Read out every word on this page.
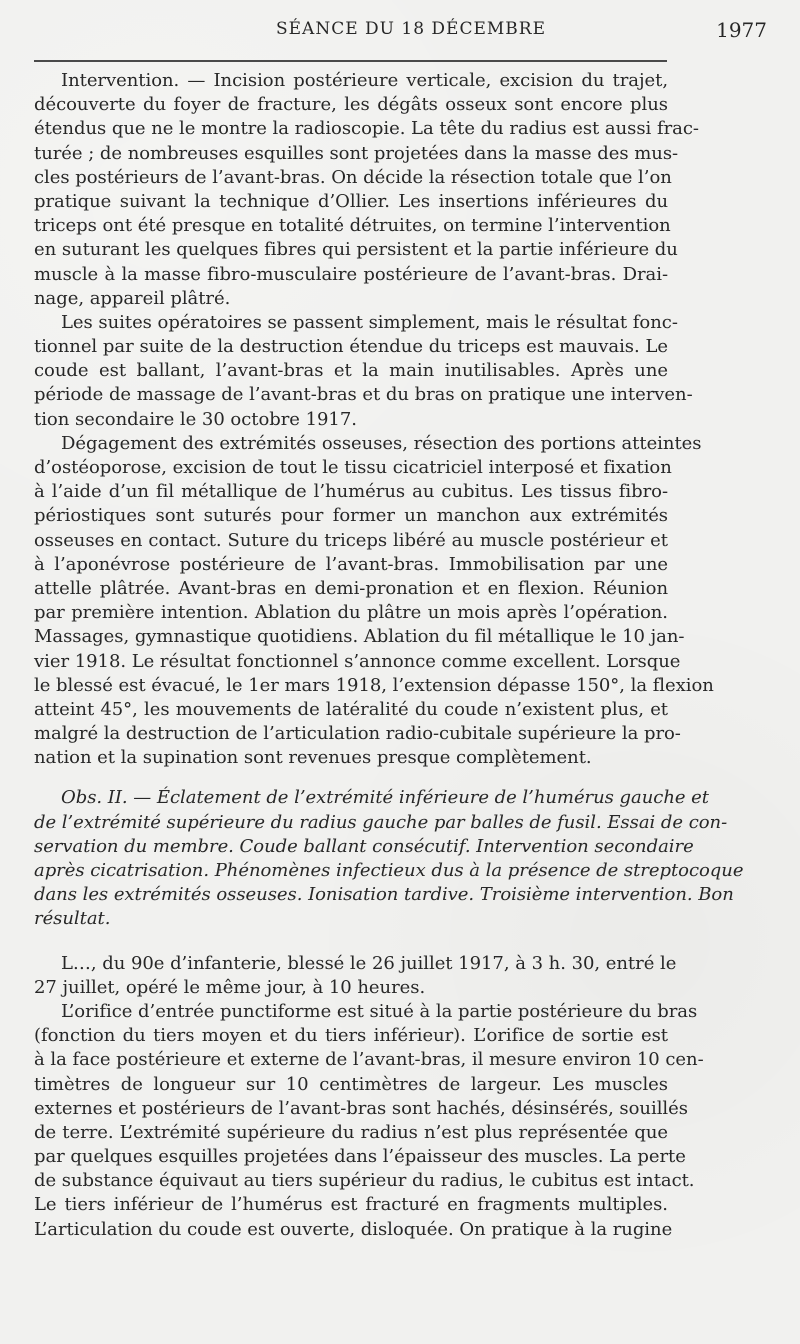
SÉANCE DU 18 DÉCEMBRE	1977
Intervention. — Incision postérieure verticale, excision du trajet,
découverte du foyer de fracture, les dégâts osseux sont encore plus
étendus que ne le montre la radioscopie. La tête du radius est aussi frac-
turée ; de nombreuses esquilles sont projetées dans la masse des mus-
cles postérieurs de l’avant-bras. On décide la résection totale que l’on
pratique suivant la technique d’Ollier. Les insertions inférieures du
triceps ont été presque en totalité détruites, on termine l’intervention
en suturant les quelques fibres qui persistent et la partie inférieure du
muscle à la masse fibro-musculaire postérieure de l’avant-bras. Drai-
nage, appareil plâtré.
Les suites opératoires se passent simplement, mais le résultat fonc-
tionnel par suite de la destruction étendue du triceps est mauvais. Le
coude est ballant, l’avant-bras et la main inutilisables. Après une
période de massage de l’avant-bras et du bras on pratique une interven-
tion secondaire le 30 octobre 1917.
Dégagement des extrémités osseuses, résection des portions atteintes
d’ostéoporose, excision de tout le tissu cicatriciel interposé et fixation
à l’aide d’un fil métallique de l’humérus au cubitus. Les tissus fibro-
périostiques sont suturés pour former un manchon aux extrémités
osseuses en contact. Suture du triceps libéré au muscle postérieur et
à l’aponévrose postérieure de l’avant-bras. Immobilisation par une
attelle plâtrée. Avant-bras en demi-pronation et en flexion. Réunion
par première intention. Ablation du plâtre un mois après l’opération.
Massages, gymnastique quotidiens. Ablation du fil métallique le 10 jan-
vier 1918. Le résultat fonctionnel s’annonce comme excellent. Lorsque
le blessé est évacué, le 1er mars 1918, l’extension dépasse 150°, la flexion
atteint 45°, les mouvements de latéralité du coude n’existent plus, et
malgré la destruction de l’articulation radio-cubitale supérieure la pro-
nation et la supination sont revenues presque complètement.
Obs. II. — Éclatement de l’extrémité inférieure de l’humérus gauche et
de l’extrémité supérieure du radius gauche par balles de fusil. Essai de con-
servation du membre. Coude ballant consécutif. Intervention secondaire
après cicatrisation. Phénomènes infectieux dus à la présence de streptocoque
dans les extrémités osseuses. Ionisation tardive. Troisième intervention. Bon
résultat.
L…, du 90e d’infanterie, blessé le 26 juillet 1917, à 3 h. 30, entré le
27 juillet, opéré le même jour, à 10 heures.
L’orifice d’entrée punctiforme est situé à la partie postérieure du bras
(fonction du tiers moyen et du tiers inférieur). L’orifice de sortie est
à la face postérieure et externe de l’avant-bras, il mesure environ 10 cen-
timètres de longueur sur 10 centimètres de largeur. Les muscles
externes et postérieurs de l’avant-bras sont hachés, désinsérés, souillés
de terre. L’extrémité supérieure du radius n’est plus représentée que
par quelques esquilles projetées dans l’épaisseur des muscles. La perte
de substance équivaut au tiers supérieur du radius, le cubitus est intact.
Le tiers inférieur de l’humérus est fracturé en fragments multiples.
L’articulation du coude est ouverte, disloquée. On pratique à la rugine
